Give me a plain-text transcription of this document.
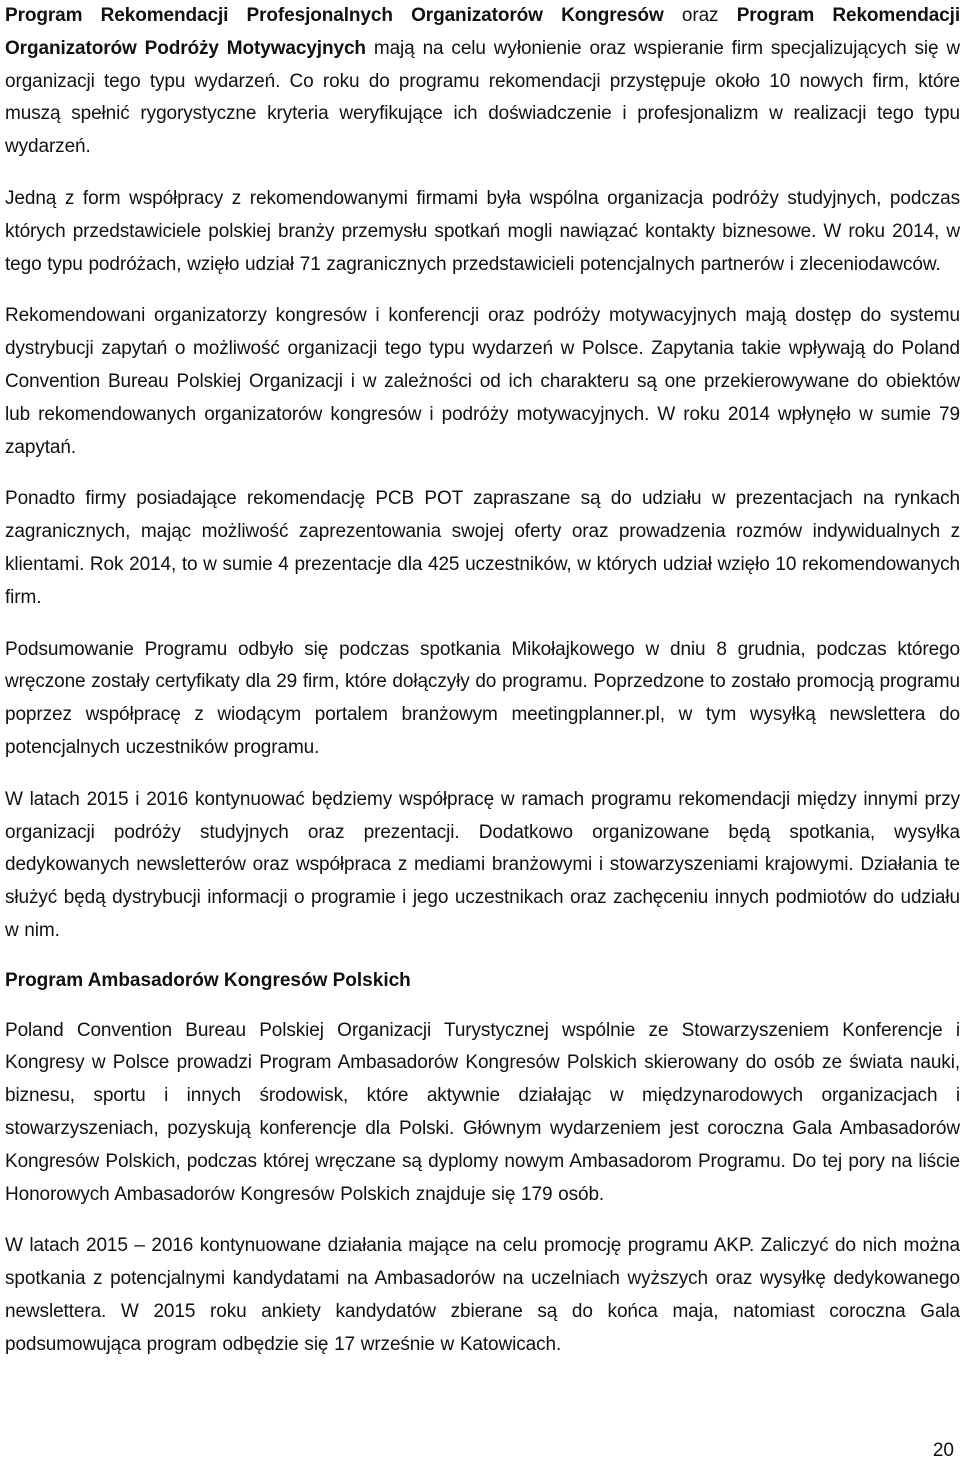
Program Rekomendacji Profesjonalnych Organizatorów Kongresów oraz Program Rekomendacji Organizatorów Podróży Motywacyjnych mają na celu wyłonienie oraz wspieranie firm specjalizujących się w organizacji tego typu wydarzeń. Co roku do programu rekomendacji przystępuje około 10 nowych firm, które muszą spełnić rygorystyczne kryteria weryfikujące ich doświadczenie i profesjonalizm w realizacji tego typu wydarzeń.

Jedną z form współpracy z rekomendowanymi firmami była wspólna organizacja podróży studyjnych, podczas których przedstawiciele polskiej branży przemysłu spotkań mogli nawiązać kontakty biznesowe. W roku 2014, w tego typu podróżach, wzięło udział 71 zagranicznych przedstawicieli potencjalnych partnerów i zleceniodawców.

Rekomendowani organizatorzy kongresów i konferencji oraz podróży motywacyjnych mają dostęp do systemu dystrybucji zapytań o możliwość organizacji tego typu wydarzeń w Polsce. Zapytania takie wpływają do Poland Convention Bureau Polskiej Organizacji i w zależności od ich charakteru są one przekierowywane do obiektów lub rekomendowanych organizatorów kongresów i podróży motywacyjnych. W roku 2014 wpłynęło w sumie 79 zapytań.

Ponadto firmy posiadające rekomendację PCB POT zapraszane są do udziału w prezentacjach na rynkach zagranicznych, mając możliwość zaprezentowania swojej oferty oraz prowadzenia rozmów indywidualnych z klientami. Rok 2014, to w sumie 4 prezentacje dla 425 uczestników, w których udział wzięło 10 rekomendowanych firm.

Podsumowanie Programu odbyło się podczas spotkania Mikołajkowego w dniu 8 grudnia, podczas którego wręczone zostały certyfikaty dla 29 firm, które dołączyły do programu. Poprzedzone to zostało promocją programu poprzez współpracę z wiodącym portalem branżowym meetingplanner.pl, w tym wysyłką newslettera do potencjalnych uczestników programu.

W latach 2015 i 2016 kontynuować będziemy współpracę w ramach programu rekomendacji między innymi przy organizacji podróży studyjnych oraz prezentacji. Dodatkowo organizowane będą spotkania, wysyłka dedykowanych newsletterów oraz współpraca z mediami branżowymi i stowarzyszeniami krajowymi. Działania te służyć będą dystrybucji informacji o programie i jego uczestnikach oraz zachęceniu innych podmiotów do udziału w nim.

Program Ambasadorów Kongresów Polskich

Poland Convention Bureau Polskiej Organizacji Turystycznej wspólnie ze Stowarzyszeniem Konferencje i Kongresy w Polsce prowadzi Program Ambasadorów Kongresów Polskich skierowany do osób ze świata nauki, biznesu, sportu i innych środowisk, które aktywnie działając w międzynarodowych organizacjach i stowarzyszeniach, pozyskują konferencje dla Polski. Głównym wydarzeniem jest coroczna Gala Ambasadorów Kongresów Polskich, podczas której wręczane są dyplomy nowym Ambasadorom Programu. Do tej pory na liście Honorowych Ambasadorów Kongresów Polskich znajduje się 179 osób.

W latach 2015 – 2016 kontynuowane działania mające na celu promocję programu AKP. Zaliczyć do nich można spotkania z potencjalnymi kandydatami na Ambasadorów na uczelniach wyższych oraz wysyłkę dedykowanego newslettera. W 2015 roku ankiety kandydatów zbierane są do końca maja, natomiast coroczna Gala podsumowująca program odbędzie się 17 wrześnie w Katowicach.

20
